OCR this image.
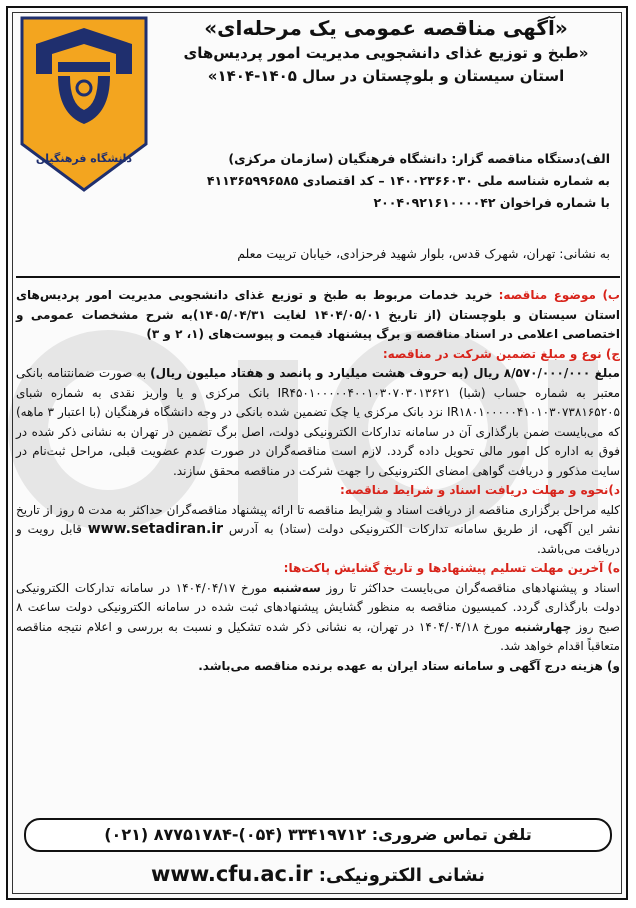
دانشگاه فرهنگیان
«آگهی مناقصه عمومی یک مرحله‌ای»
«طبخ و توزیع غذای دانشجویی مدیریت امور پردیس‌های
استان سیستان و بلوچستان در سال ۱۴۰۵-۱۴۰۴»
الف)دستگاه مناقصه گزار: دانشگاه فرهنگیان (سازمان مرکزی)
به شماره شناسه ملی ۱۴۰۰۲۳۶۶۰۳۰ – کد اقتصادی ۴۱۱۳۶۵۹۹۶۵۸۵
با شماره فراخوان ۲۰۰۴۰۹۲۱۶۱۰۰۰۰۴۲
به نشانی: تهران، شهرک قدس، بلوار شهید فرحزادی، خیابان تربیت معلم

ب) موضوع مناقصه: خرید خدمات مربوط به طبخ و توزیع غذای دانشجویی مدیریت امور پردیس‌های استان سیستان و بلوچستان (از تاریخ ۱۴۰۴/۰۵/۰۱ لغایت ۱۴۰۵/۰۴/۳۱)به شرح مشخصات عمومی و اختصاصی اعلامی در اسناد مناقصه و برگ پیشنهاد قیمت و پیوست‌های (۱، ۲ و ۳)

ج) نوع و مبلغ تضمین شرکت در مناقصه:

مبلغ ۸/۵۷۰/۰۰۰/۰۰۰ ریال (به حروف هشت میلیارد و پانصد و هفتاد میلیون ریال) به صورت ضمانتنامه بانکی معتبر به شماره حساب (شبا) IR۴۵۰۱۰۰۰۰۰۴۰۰۱۰۳۰۷۰۳۰۱۳۶۲۱ بانک مرکزی و یا واریز نقدی به شماره شبای IR۱۸۰۱۰۰۰۰۰۴۱۰۱۰۳۰۷۳۸۱۶۵۲۰۵ نزد بانک مرکزی یا چک تضمین شده بانکی در وجه دانشگاه فرهنگیان (با اعتبار ۳ ماهه) که می‌بایست ضمن بارگذاری آن در سامانه تدارکات الکترونیکی دولت، اصل برگ تضمین در تهران به نشانی ذکر شده در فوق به اداره کل امور مالی تحویل داده گردد. لازم است مناقصه‌گران در صورت عدم عضویت قبلی، مراحل ثبت‌نام در سایت مذکور و دریافت گواهی امضای الکترونیکی را جهت شرکت در مناقصه محقق سازند.

د)نحوه و مهلت دریافت اسناد و شرایط مناقصه:

کلیه مراحل برگزاری مناقصه از دریافت اسناد و شرایط مناقصه تا ارائه پیشنهاد مناقصه‌گران حداکثر به مدت ۵ روز از تاریخ نشر این آگهی، از طریق سامانه تدارکات الکترونیکی دولت (ستاد) به آدرس www.setadiran.ir قابل رویت و دریافت می‌باشد.

ه) آخرین مهلت تسلیم پیشنهادها و تاریخ گشایش پاکت‌ها:

اسناد و پیشنهادهای مناقصه‌گران می‌بایست حداکثر تا روز سه‌شنبه مورخ ۱۴۰۴/۰۴/۱۷ در سامانه تدارکات الکترونیکی دولت بارگذاری گردد. کمیسیون مناقصه به منظور گشایش پیشنهادهای ثبت شده در سامانه الکترونیکی دولت ساعت ۸ صبح روز چهارشنبه مورخ ۱۴۰۴/۰۴/۱۸ در تهران، به نشانی ذکر شده تشکیل و نسبت به بررسی و اعلام نتیجه مناقصه متعاقباً اقدام خواهد شد.

و) هزینه درج آگهی و سامانه ستاد ایران به عهده برنده مناقصه می‌باشد.

تلفن تماس ضروری: ۳۳۴۱۹۷۱۲ (۰۵۴)-۸۷۷۵۱۷۸۴ (۰۲۱)
نشانی الکترونیکی: www.cfu.ac.ir
